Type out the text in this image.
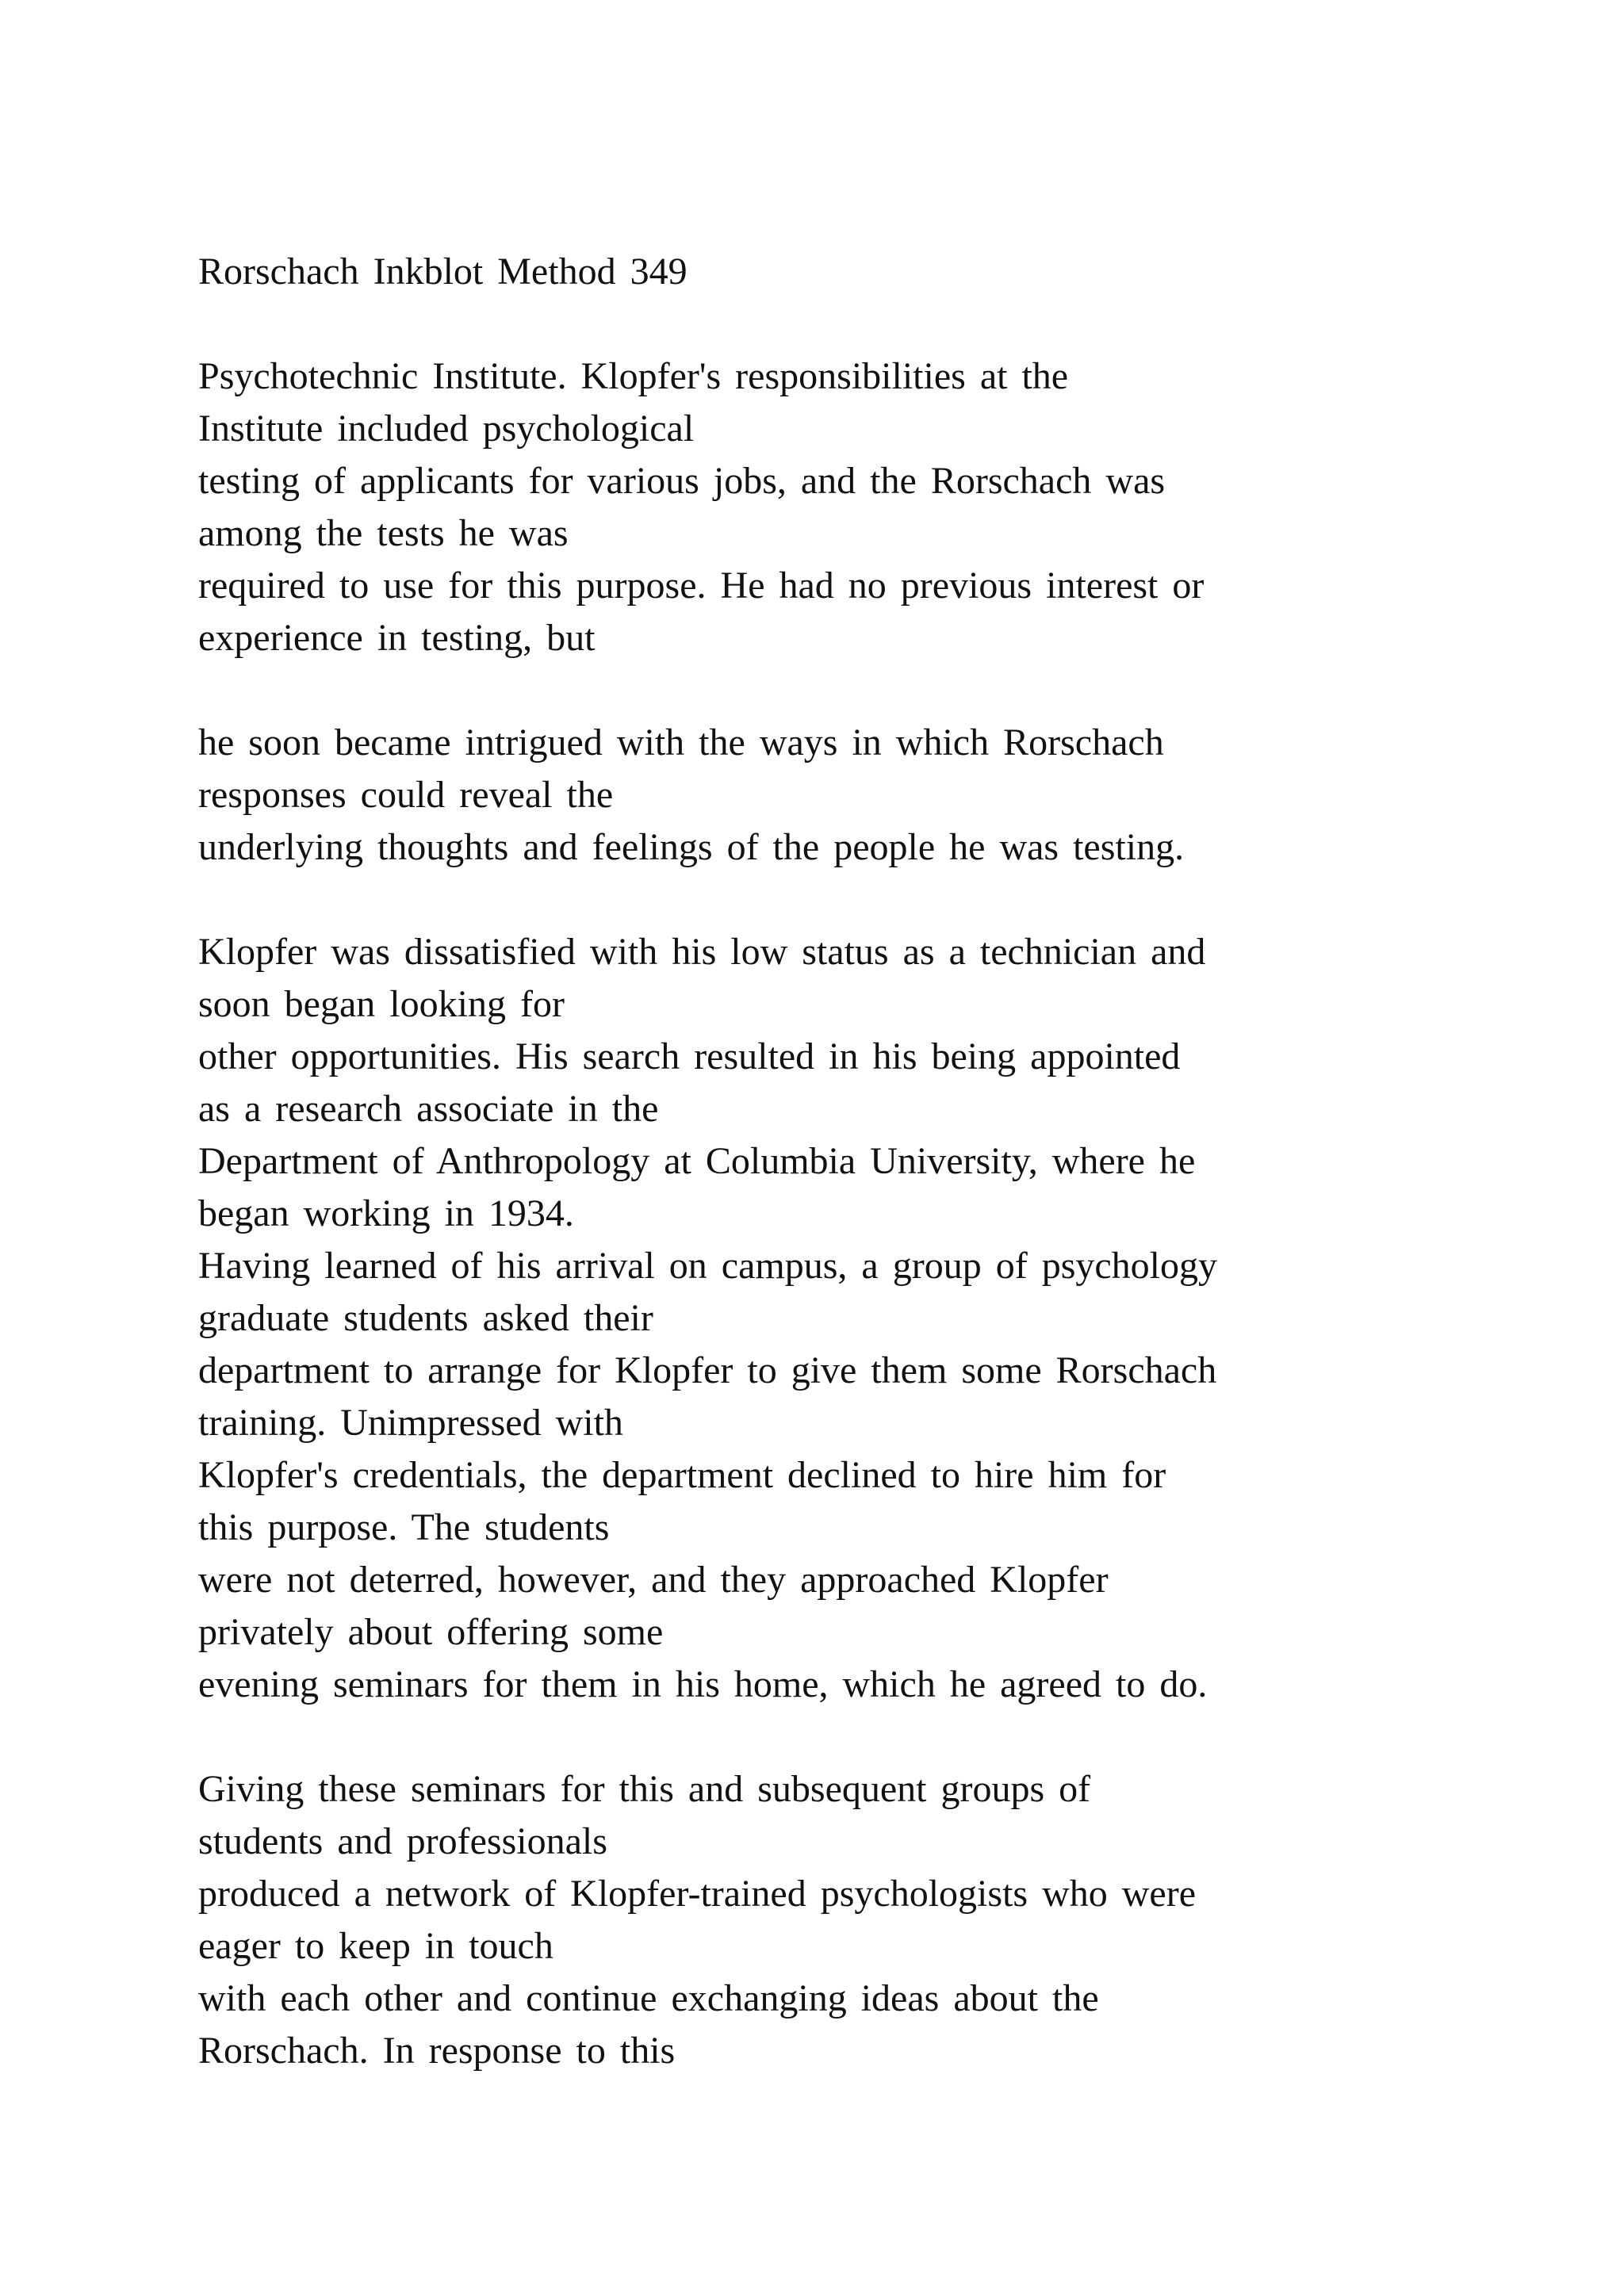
Rorschach Inkblot Method 349
Psychotechnic Institute. Klopfer's responsibilities at the
Institute included psychological
testing of applicants for various jobs, and the Rorschach was
among the tests he was
required to use for this purpose. He had no previous interest or
experience in testing, but
he soon became intrigued with the ways in which Rorschach
responses could reveal the
underlying thoughts and feelings of the people he was testing.
Klopfer was dissatisfied with his low status as a technician and
soon began looking for
other opportunities. His search resulted in his being appointed
as a research associate in the
Department of Anthropology at Columbia University, where he
began working in 1934.
Having learned of his arrival on campus, a group of psychology
graduate students asked their
department to arrange for Klopfer to give them some Rorschach
training. Unimpressed with
Klopfer's credentials, the department declined to hire him for
this purpose. The students
were not deterred, however, and they approached Klopfer
privately about offering some
evening seminars for them in his home, which he agreed to do.
Giving these seminars for this and subsequent groups of
students and professionals
produced a network of Klopfer-trained psychologists who were
eager to keep in touch
with each other and continue exchanging ideas about the
Rorschach. In response to this
